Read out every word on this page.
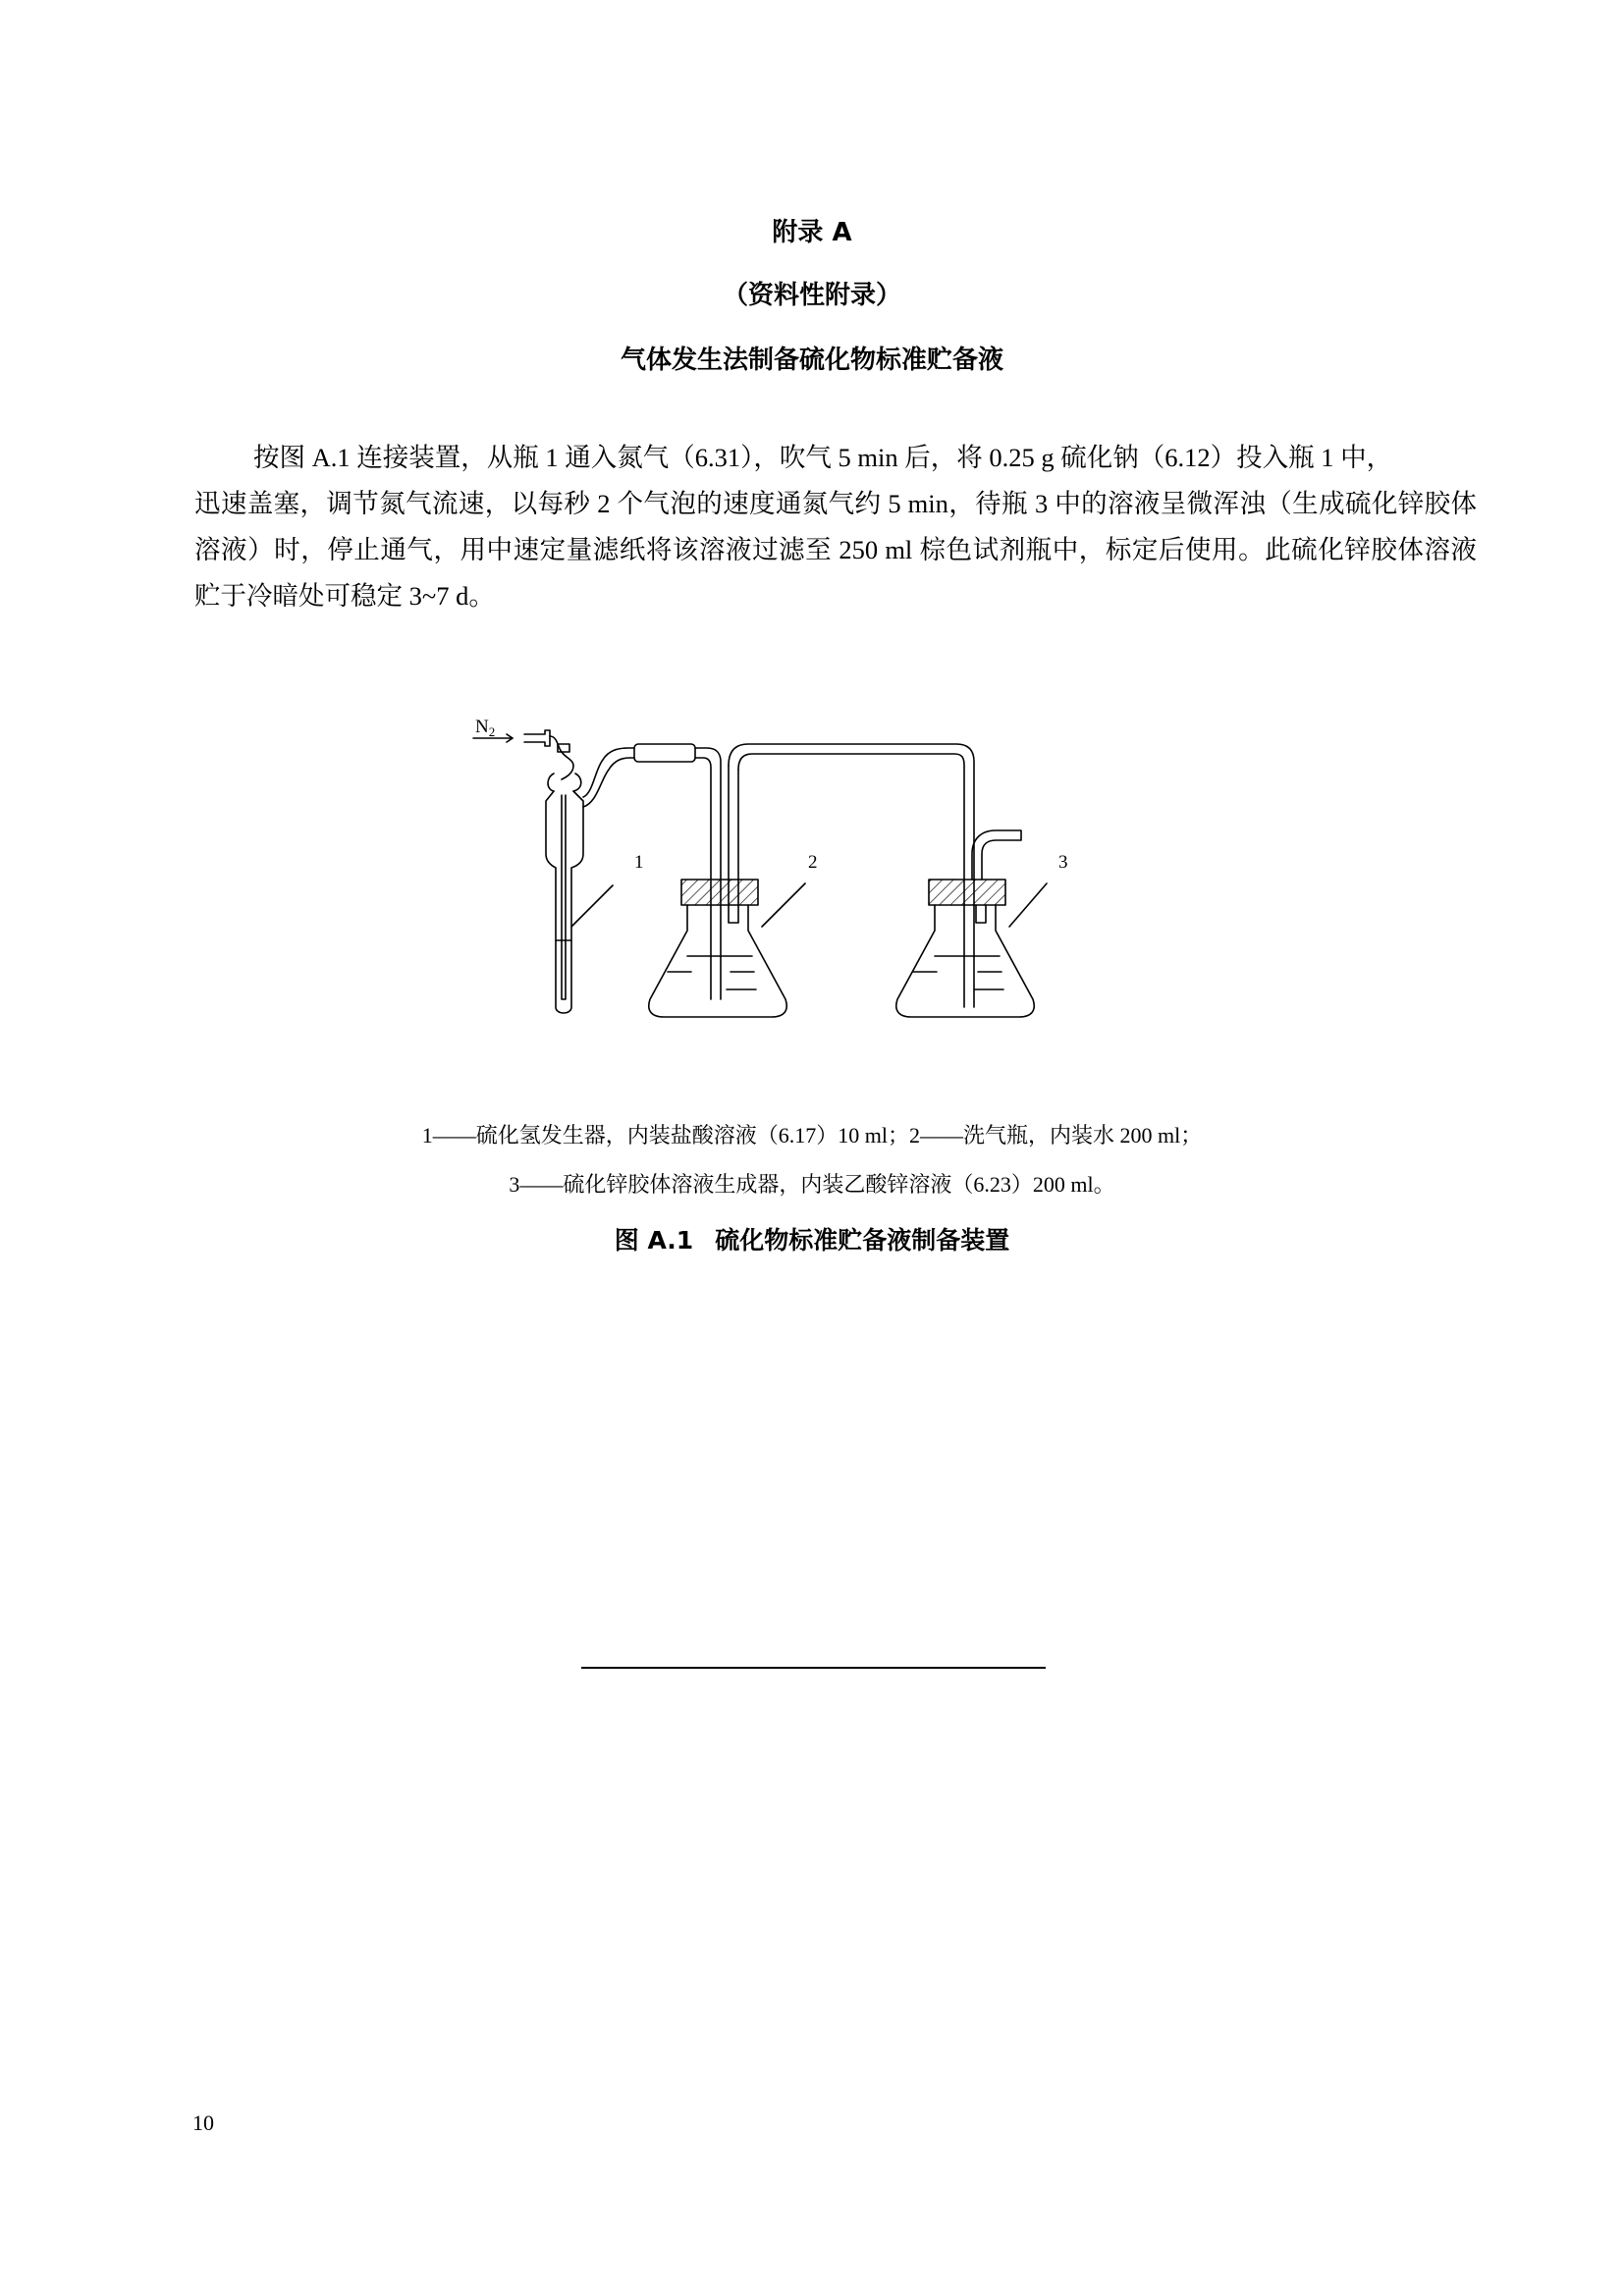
附录 A
（资料性附录）
气体发生法制备硫化物标准贮备液

按图 A.1 连接装置，从瓶 1 通入氮气（6.31），吹气 5 min 后，将 0.25 g 硫化钠（6.12）投入瓶 1 中，

迅速盖塞，调节氮气流速，以每秒 2 个气泡的速度通氮气约 5 min，待瓶 3 中的溶液呈微浑浊（生成硫化锌胶体溶液）时，停止通气，用中速定量滤纸将该溶液过滤至 250 ml 棕色试剂瓶中，标定后使用。此硫化锌胶体溶液贮于冷暗处可稳定 3~7 d。

$N_2$
1	2	3
1——硫化氢发生器，内装盐酸溶液（6.17）10 ml；2——洗气瓶，内装水 200 ml；
3——硫化锌胶体溶液生成器，内装乙酸锌溶液（6.23）200 ml。
图 A.1 硫化物标准贮备液制备装置
10
